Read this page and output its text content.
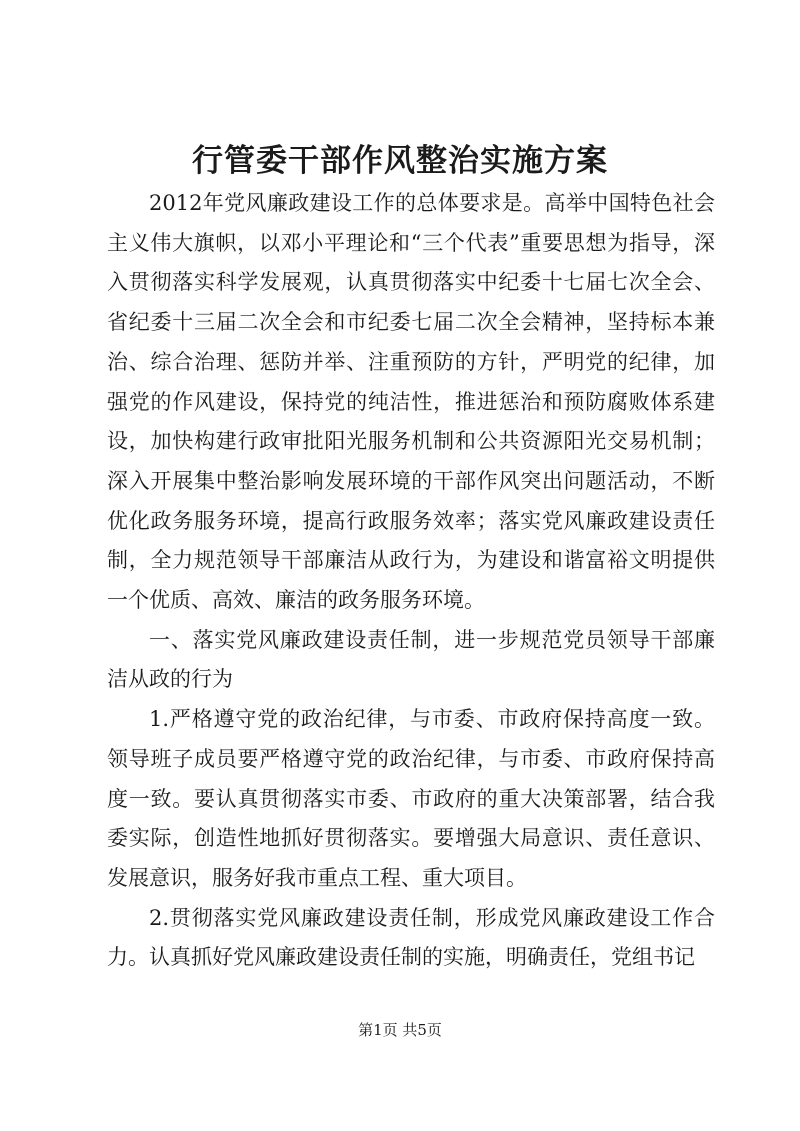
行管委干部作风整治实施方案

2012年党风廉政建设工作的总体要求是。高举中国特色社会主义伟大旗帜，以邓小平理论和“三个代表”重要思想为指导，深入贯彻落实科学发展观，认真贯彻落实中纪委十七届七次全会、省纪委十三届二次全会和市纪委七届二次全会精神，坚持标本兼治、综合治理、惩防并举、注重预防的方针，严明党的纪律，加强党的作风建设，保持党的纯洁性，推进惩治和预防腐败体系建设，加快构建行政审批阳光服务机制和公共资源阳光交易机制；深入开展集中整治影响发展环境的干部作风突出问题活动，不断优化政务服务环境，提高行政服务效率；落实党风廉政建设责任制，全力规范领导干部廉洁从政行为，为建设和谐富裕文明提供一个优质、高效、廉洁的政务服务环境。

一、落实党风廉政建设责任制，进一步规范党员领导干部廉洁从政的行为

1.严格遵守党的政治纪律，与市委、市政府保持高度一致。领导班子成员要严格遵守党的政治纪律，与市委、市政府保持高度一致。要认真贯彻落实市委、市政府的重大决策部署，结合我委实际，创造性地抓好贯彻落实。要增强大局意识、责任意识、发展意识，服务好我市重点工程、重大项目。

2.贯彻落实党风廉政建设责任制，形成党风廉政建设工作合力。认真抓好党风廉政建设责任制的实施，明确责任，党组书记

第1页 共5页
